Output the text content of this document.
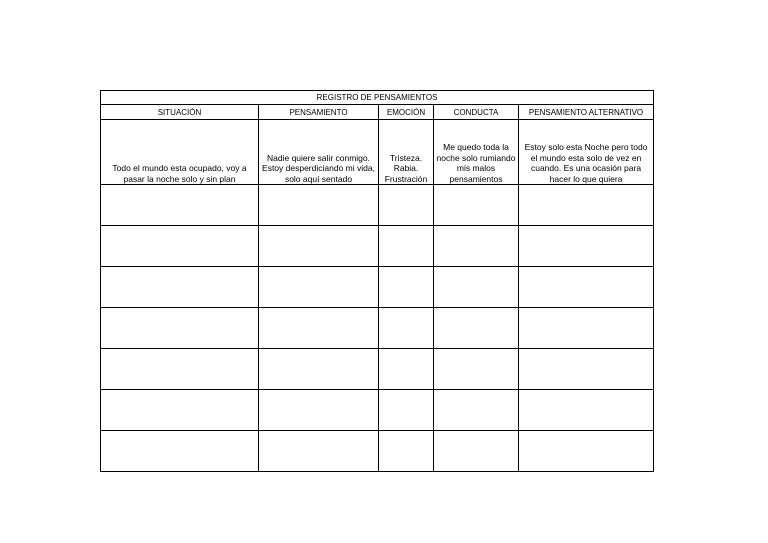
REGISTRO DE PENSAMIENTOS				
SITUACIÓN	PENSAMIENTO	EMOCIÓN	CONDUCTA	PENSAMIENTO ALTERNATIVO
Todo el mundo esta ocupado, voy a pasar la noche solo y sin plan	Nadie quiere salir conmigo. Estoy desperdiciando mi vida, solo aquí sentado	Tristeza. Rabia. Frustración	Me quedo toda la noche solo rumiando mis malos pensamientos	Estoy solo esta Noche pero todo el mundo esta solo de vez en cuando. Es una ocasión para hacer lo que quiera
